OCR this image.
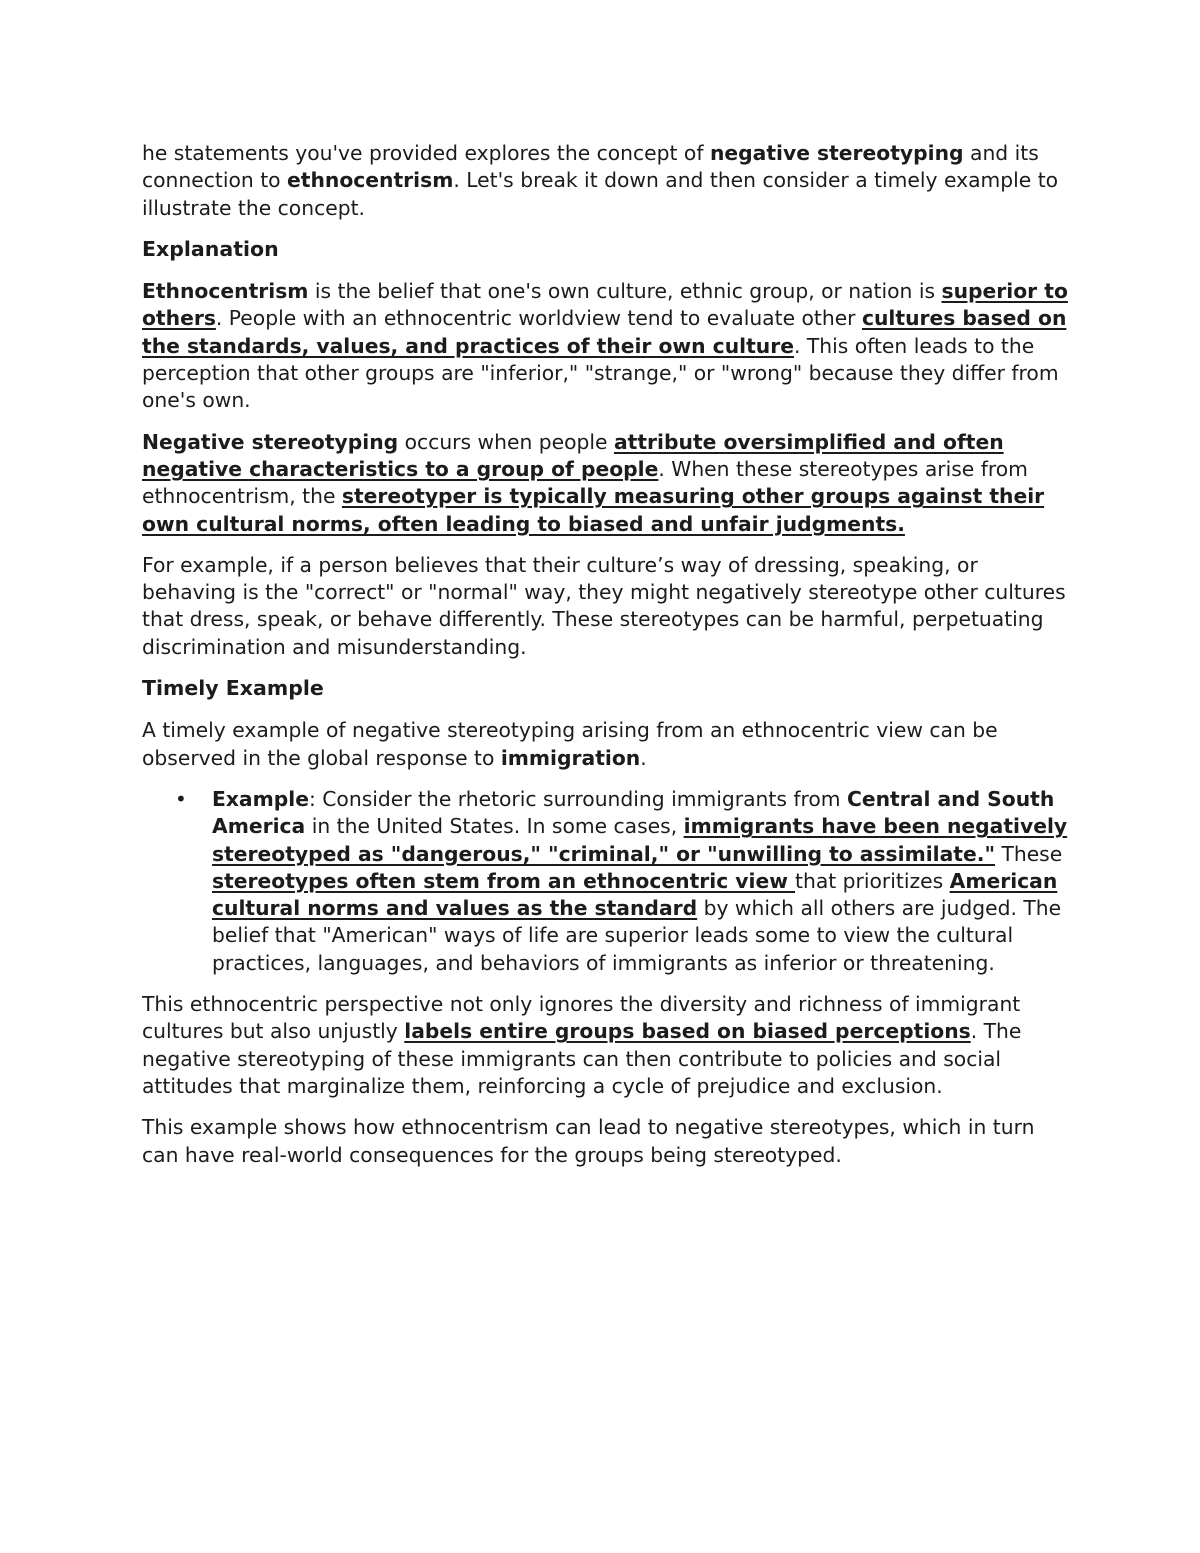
he statements you've provided explores the concept of negative stereotyping and its connection to ethnocentrism. Let's break it down and then consider a timely example to illustrate the concept.

Explanation

Ethnocentrism is the belief that one's own culture, ethnic group, or nation is superior to others. People with an ethnocentric worldview tend to evaluate other cultures based on the standards, values, and practices of their own culture. This often leads to the perception that other groups are "inferior," "strange," or "wrong" because they differ from one's own.

Negative stereotyping occurs when people attribute oversimplified and often negative characteristics to a group of people. When these stereotypes arise from ethnocentrism, the stereotyper is typically measuring other groups against their own cultural norms, often leading to biased and unfair judgments.

For example, if a person believes that their culture’s way of dressing, speaking, or behaving is the "correct" or "normal" way, they might negatively stereotype other cultures that dress, speak, or behave differently. These stereotypes can be harmful, perpetuating discrimination and misunderstanding.

Timely Example

A timely example of negative stereotyping arising from an ethnocentric view can be observed in the global response to immigration.

• Example: Consider the rhetoric surrounding immigrants from Central and South America in the United States. In some cases, immigrants have been negatively stereotyped as "dangerous," "criminal," or "unwilling to assimilate." These stereotypes often stem from an ethnocentric view that prioritizes American cultural norms and values as the standard by which all others are judged. The belief that "American" ways of life are superior leads some to view the cultural practices, languages, and behaviors of immigrants as inferior or threatening.

This ethnocentric perspective not only ignores the diversity and richness of immigrant cultures but also unjustly labels entire groups based on biased perceptions. The negative stereotyping of these immigrants can then contribute to policies and social attitudes that marginalize them, reinforcing a cycle of prejudice and exclusion.

This example shows how ethnocentrism can lead to negative stereotypes, which in turn can have real-world consequences for the groups being stereotyped.
